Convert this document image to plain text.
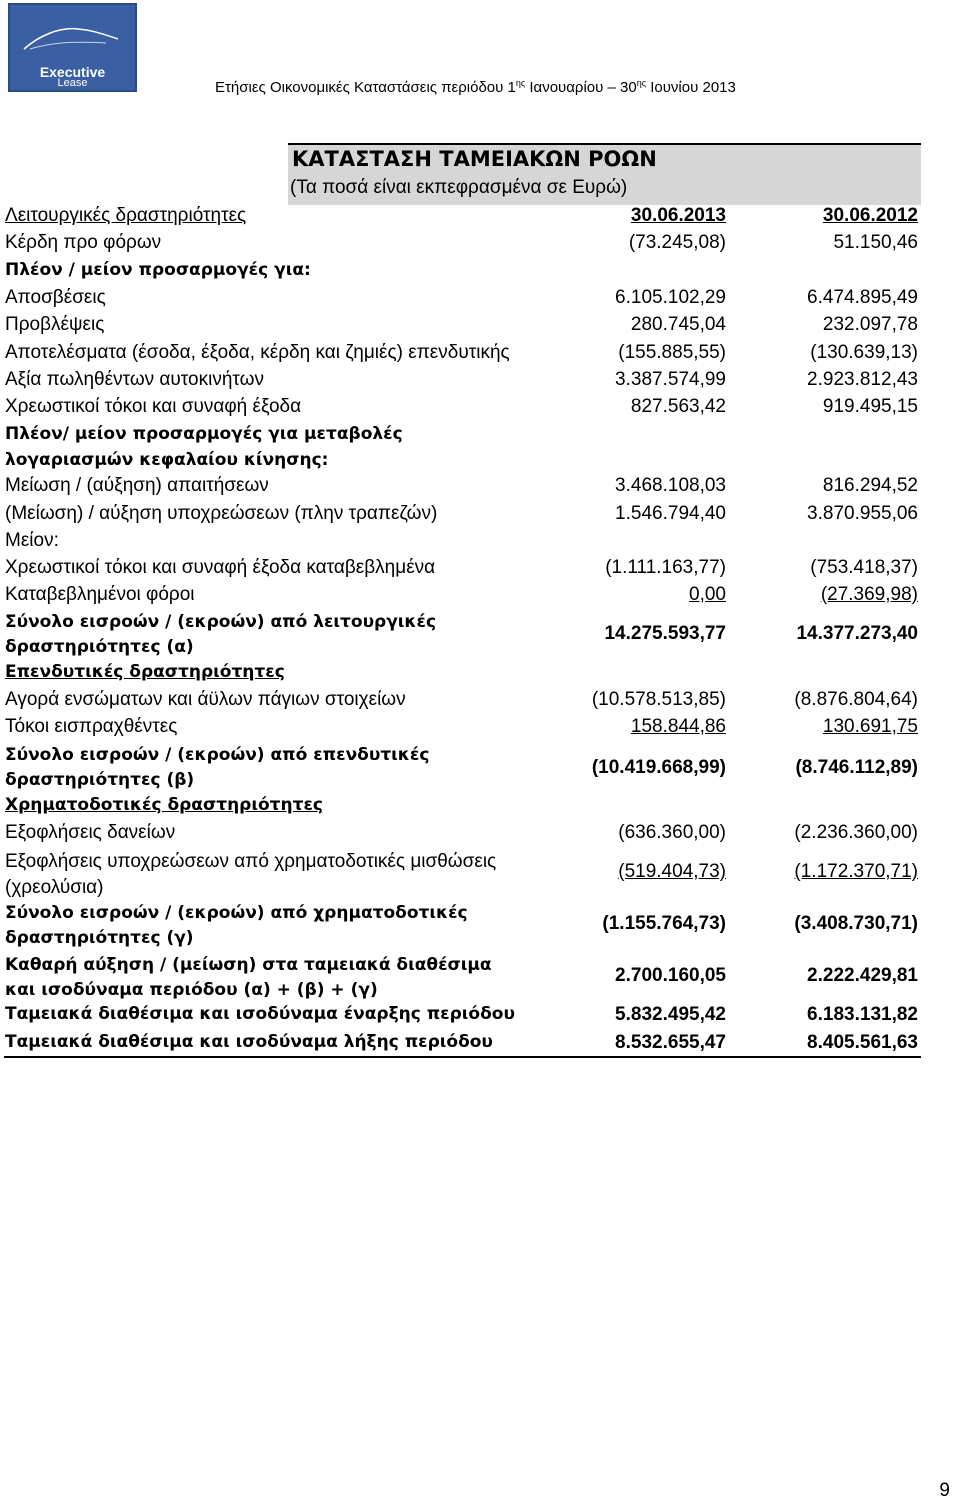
Executive
Lease	Ετήσιες Οικονομικές Καταστάσεις περιόδου $1^{\eta\varsigma}$ Ιανουαρίου – $30^{\eta\varsigma}$ Ιουνίου 2013
ΚΑΤΑΣΤΑΣΗ ΤΑΜΕΙΑΚΩΝ ΡΟΩΝ
(Τα ποσά είναι εκπεφρασμένα σε Ευρώ)
Λειτουργικές δραστηριότητες	30.06.2013	30.06.2012
Κέρδη προ φόρων	(73.245,08)	51.150,46
Πλέον / μείον προσαρμογές για:
Αποσβέσεις	6.105.102,29	6.474.895,49
Προβλέψεις	280.745,04	232.097,78
Αποτελέσματα (έσοδα, έξοδα, κέρδη και ζημιές) επενδυτικής	(155.885,55)	(130.639,13)
Αξία πωληθέντων αυτοκινήτων	3.387.574,99	2.923.812,43
Χρεωστικοί τόκοι και συναφή έξοδα	827.563,42	919.495,15
Πλέον/ μείον προσαρμογές για μεταβολές
λογαριασμών κεφαλαίου κίνησης:
Μείωση / (αύξηση) απαιτήσεων	3.468.108,03	816.294,52
(Μείωση) / αύξηση υποχρεώσεων (πλην τραπεζών)	1.546.794,40	3.870.955,06
Μείον:
Χρεωστικοί τόκοι και συναφή έξοδα καταβεβλημένα	(1.111.163,77)	(753.418,37)
Καταβεβλημένοι φόροι	0,00	(27.369,98)
Σύνολο εισροών / (εκροών) από λειτουργικές
δραστηριότητες (α)
14.275.593,77	14.377.273,40
Επενδυτικές δραστηριότητες
Αγορά ενσώματων και άϋλων πάγιων στοιχείων	(10.578.513,85)	(8.876.804,64)
Τόκοι εισπραχθέντες	158.844,86	130.691,75
Σύνολο εισροών / (εκροών) από επενδυτικές
δραστηριότητες (β)
(10.419.668,99)	(8.746.112,89)
Χρηματοδοτικές δραστηριότητες
Εξοφλήσεις δανείων	(636.360,00)	(2.236.360,00)
Εξοφλήσεις υποχρεώσεων από χρηματοδοτικές μισθώσεις
(χρεολύσια)
(519.404,73)	(1.172.370,71)
Σύνολο εισροών / (εκροών) από χρηματοδοτικές
δραστηριότητες (γ)
(1.155.764,73)	(3.408.730,71)
Καθαρή αύξηση / (μείωση) στα ταμειακά διαθέσιμα
και ισοδύναμα περιόδου (α) + (β) + (γ)
2.700.160,05	2.222.429,81
Ταμειακά διαθέσιμα και ισοδύναμα έναρξης περιόδου	5.832.495,42	6.183.131,82
Ταμειακά διαθέσιμα και ισοδύναμα λήξης περιόδου	8.532.655,47	8.405.561,63
9
